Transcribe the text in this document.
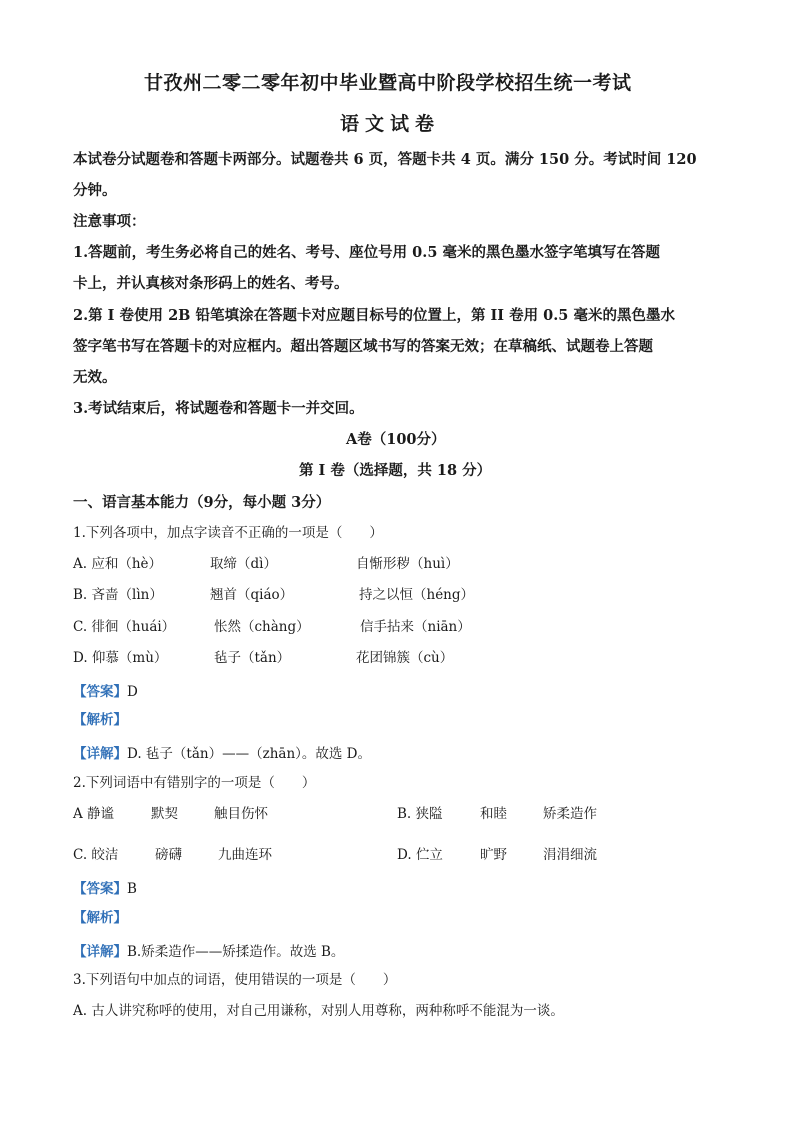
甘孜州二零二零年初中毕业暨高中阶段学校招生统一考试
语文试卷
本试卷分试题卷和答题卡两部分。试题卷共 6 页，答题卡共 4 页。满分 150 分。考试时间 120
分钟。
注意事项：
1.答题前，考生务必将自己的姓名、考号、座位号用 0.5 毫米的黑色墨水签字笔填写在答题
卡上，并认真核对条形码上的姓名、考号。
2.第 I 卷使用 2B 铅笔填涂在答题卡对应题目标号的位置上，第 II 卷用 0.5 毫米的黑色墨水
签字笔书写在答题卡的对应框内。超出答题区域书写的答案无效；在草稿纸、试题卷上答题
无效。
3.考试结束后，将试题卷和答题卡一并交回。
A卷（100分）
第 I 卷（选择题，共 18 分）
一、语言基本能力（9分，每小题 3分）
1.下列各项中，加点字读音不正确的一项是（　　）
A. 应和（hè）	取缔（dì）	自惭形秽（huì）
B. 吝啬（lìn）	翘首（qiáo）	持之以恒（héng）
C. 徘徊（huái）	怅然（chàng）	信手拈来（niān）
D. 仰慕（mù）	毡子（tǎn）	花团锦簇（cù）
【答案】D
【解析】
【详解】D. 毡子（tǎn）——（zhān）。故选 D。
2.下列词语中有错别字的一项是（　　）
A 静谧	默契	触目伤怀	B. 狭隘	和睦	矫柔造作
C. 皎洁	磅礴	九曲连环	D. 伫立	旷野	涓涓细流
【答案】B
【解析】
【详解】B.矫柔造作——矫揉造作。故选 B。
3.下列语句中加点的词语，使用错误的一项是（　　）
A. 古人讲究称呼的使用，对自己用谦称，对别人用尊称，两种称呼不能混为一谈。
